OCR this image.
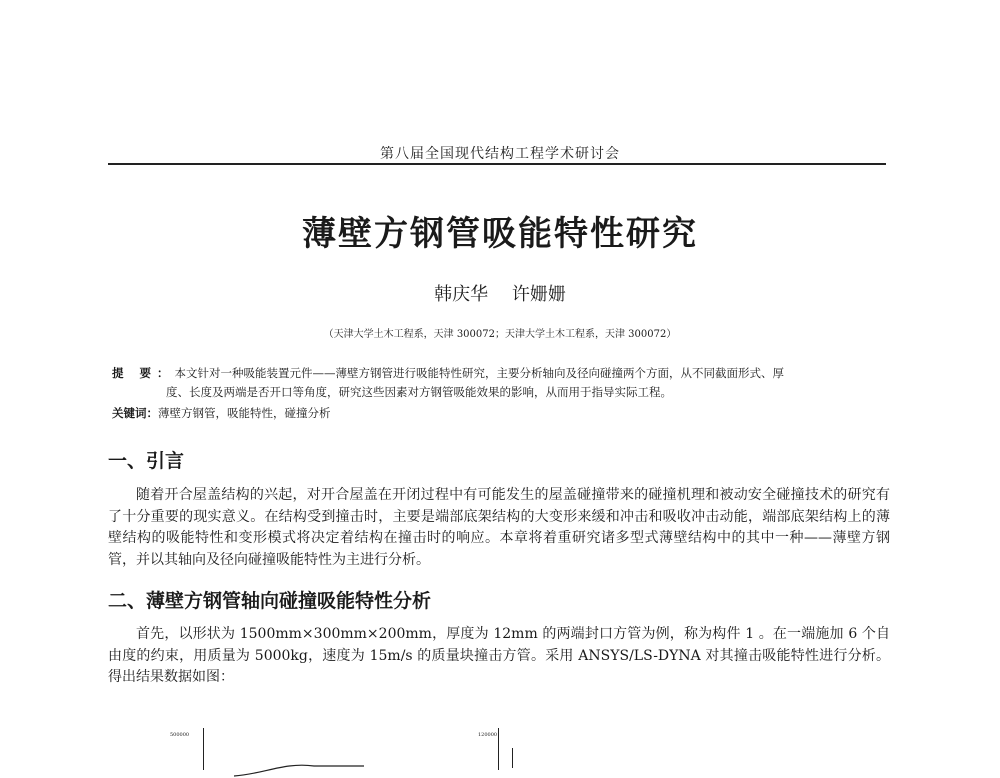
第八届全国现代结构工程学术研讨会
薄壁方钢管吸能特性研究
韩庆华 许姗姗
（天津大学土木工程系，天津 300072；天津大学土木工程系，天津 300072）
提 要：本文针对一种吸能装置元件——薄壁方钢管进行吸能特性研究，主要分析轴向及径向碰撞两个方面，从不同截面形式、厚
度、长度及两端是否开口等角度，研究这些因素对方钢管吸能效果的影响，从而用于指导实际工程。
关键词：薄壁方钢管，吸能特性，碰撞分析
一、引言

随着开合屋盖结构的兴起，对开合屋盖在开闭过程中有可能发生的屋盖碰撞带来的碰撞机理和被动安全碰撞技术的研究有了十分重要的现实意义。在结构受到撞击时，主要是端部底架结构的大变形来缓和冲击和吸收冲击动能，端部底架结构上的薄壁结构的吸能特性和变形模式将决定着结构在撞击时的响应。本章将着重研究诸多型式薄壁结构中的其中一种——薄壁方钢管，并以其轴向及径向碰撞吸能特性为主进行分析。

二、薄壁方钢管轴向碰撞吸能特性分析

首先，以形状为 1500mm×300mm×200mm，厚度为 12mm 的两端封口方管为例，称为构件 1 。在一端施加 6 个自由度的约束，用质量为 5000kg，速度为 15m/s 的质量块撞击方管。采用 ANSYS/LS-DYNA 对其撞击吸能特性进行分析。得出结果数据如图：

500000	120000
